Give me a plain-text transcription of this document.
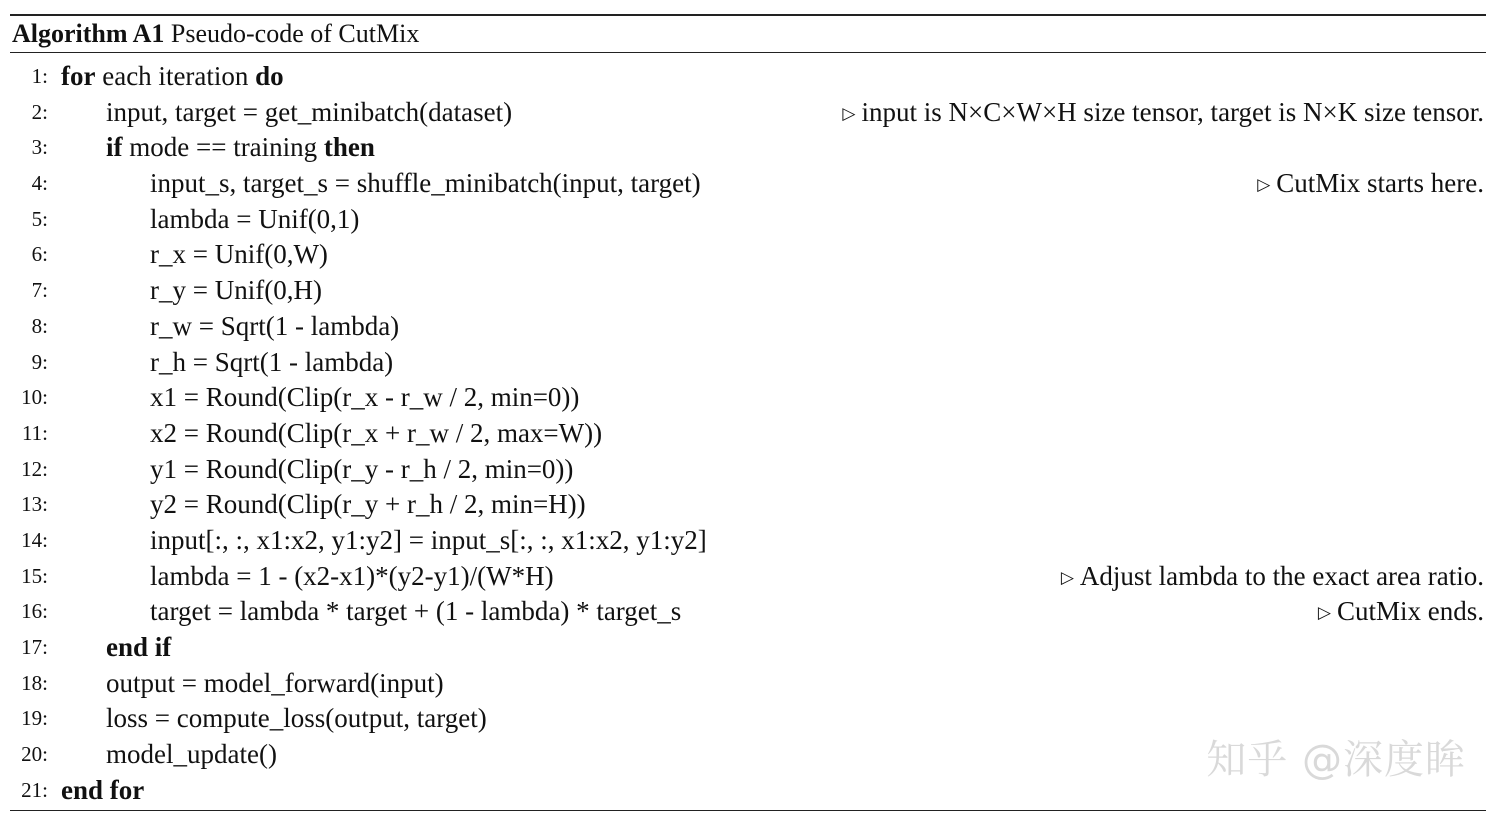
Algorithm A1 Pseudo-code of CutMix
1: for each iteration do
2: input, target = get_minibatch(dataset)	▷ input is N×C×W×H size tensor, target is N×K size tensor.
3: if mode == training then
4:	input_s, target_s = shuffle_minibatch(input, target)	▷ CutMix starts here.
5:	lambda = Unif(0,1)
6:	r_x = Unif(0,W)
7:	r_y = Unif(0,H)
8:	r_w = Sqrt(1 - lambda)
9:	r_h = Sqrt(1 - lambda)
10:	x1 = Round(Clip(r_x - r_w / 2, min=0))
11:	x2 = Round(Clip(r_x + r_w / 2, max=W))
12:	y1 = Round(Clip(r_y - r_h / 2, min=0))
13:	y2 = Round(Clip(r_y + r_h / 2, min=H))
14:	input[:, :, x1:x2, y1:y2] = input_s[:, :, x1:x2, y1:y2]
15:	lambda = 1 - (x2-x1)*(y2-y1)/(W*H)	▷ Adjust lambda to the exact area ratio.
16:	target = lambda * target + (1 - lambda) * target_s	▷ CutMix ends.
17: end if
18: output = model_forward(input)
19: loss = compute_loss(output, target)
20: model_update()
21: end for
知乎 @深度眸
